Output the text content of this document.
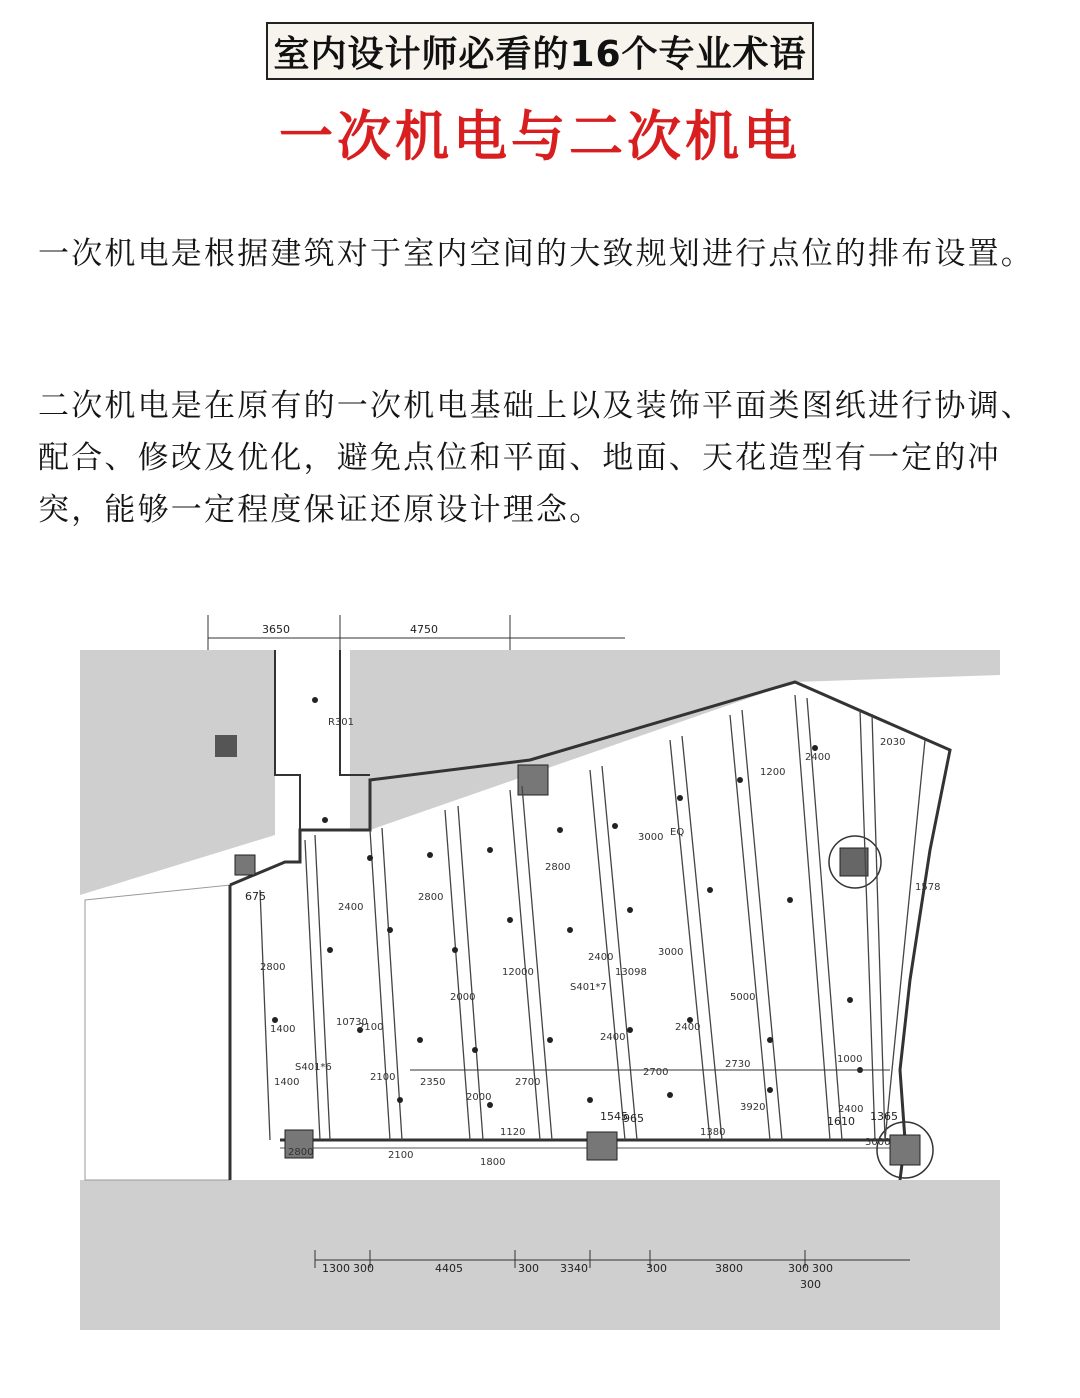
室内设计师必看的16个专业术语
一次机电与二次机电

一次机电是根据建筑对于室内空间的大致规划进行点位的排布设置。

二次机电是在原有的一次机电基础上以及装饰平面类图纸进行协调、配合、修改及优化，避免点位和平面、地面、天花造型有一定的冲突，能够一定程度保证还原设计理念。

3650	4750
1300 300	4405	300 3340	300	3800	300 300
300
675
1545
965	1610 1365
2800
1400
1400
2800
2400
10730
2100
2100
2100
2800
2000
2000
12000
1800
2800
2400
13098
2400
3000
3000
2400
5000
2700
2700
2730
3920
2400
1200
1000
2400
3000
2030
1578
2350
1120	1380
R301
S401*6
S401*7
EQ
